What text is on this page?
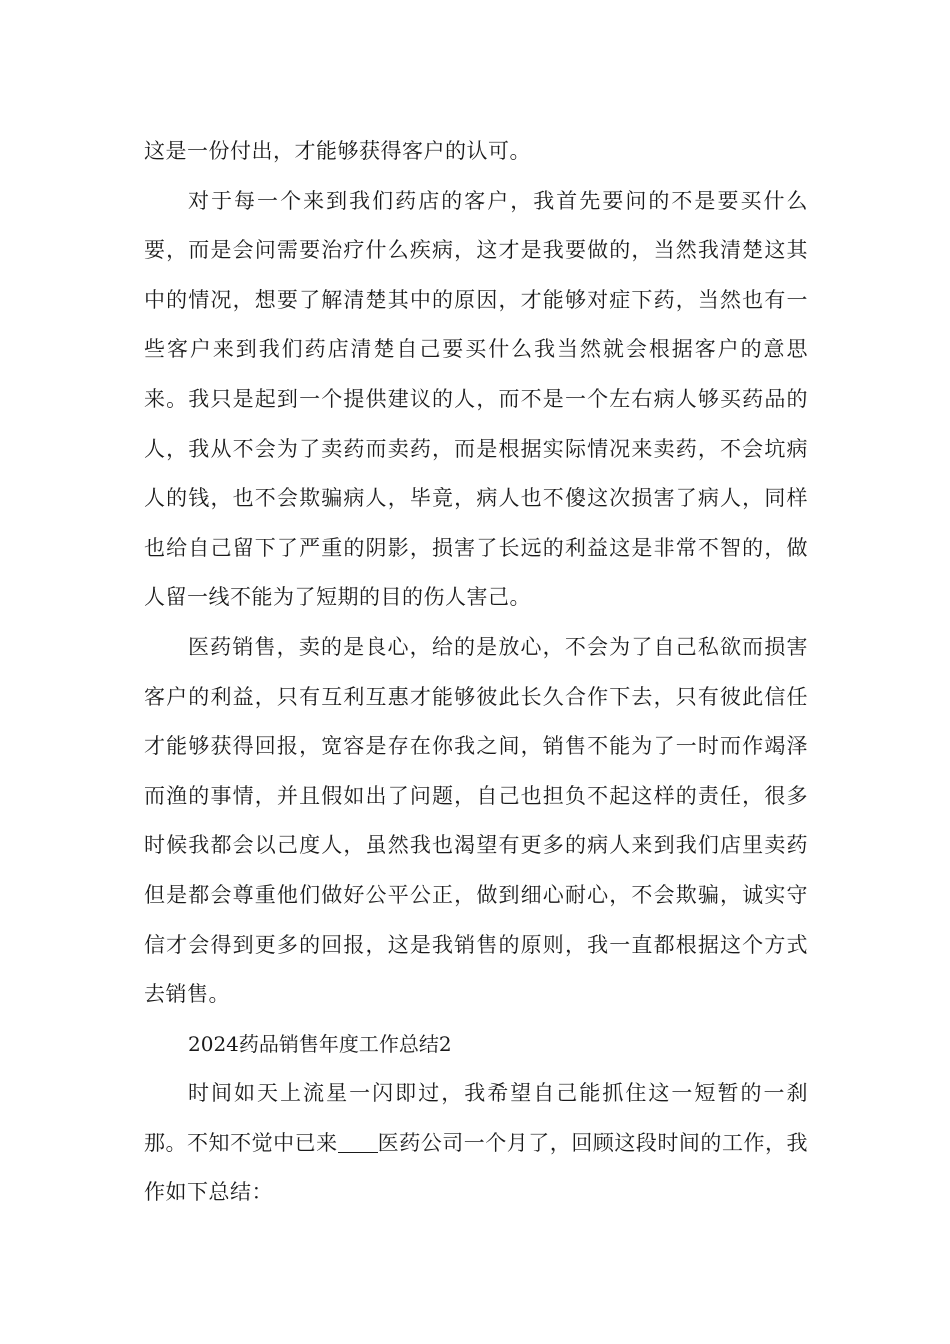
这是一份付出，才能够获得客户的认可。

对于每一个来到我们药店的客户，我首先要问的不是要买什么要，而是会问需要治疗什么疾病，这才是我要做的，当然我清楚这其中的情况，想要了解清楚其中的原因，才能够对症下药，当然也有一些客户来到我们药店清楚自己要买什么我当然就会根据客户的意思来。我只是起到一个提供建议的人，而不是一个左右病人够买药品的人，我从不会为了卖药而卖药，而是根据实际情况来卖药，不会坑病人的钱，也不会欺骗病人，毕竟，病人也不傻这次损害了病人，同样也给自己留下了严重的阴影，损害了长远的利益这是非常不智的，做人留一线不能为了短期的目的伤人害己。

医药销售，卖的是良心，给的是放心，不会为了自己私欲而损害客户的利益，只有互利互惠才能够彼此长久合作下去，只有彼此信任才能够获得回报，宽容是存在你我之间，销售不能为了一时而作竭泽而渔的事情，并且假如出了问题，自己也担负不起这样的责任，很多时候我都会以己度人，虽然我也渴望有更多的病人来到我们店里卖药但是都会尊重他们做好公平公正，做到细心耐心，不会欺骗，诚实守信才会得到更多的回报，这是我销售的原则，我一直都根据这个方式去销售。

2024药品销售年度工作总结2

时间如天上流星一闪即过，我希望自己能抓住这一短暂的一刹那。不知不觉中已来 医药公司一个月了，回顾这段时间的工作，我作如下总结：
